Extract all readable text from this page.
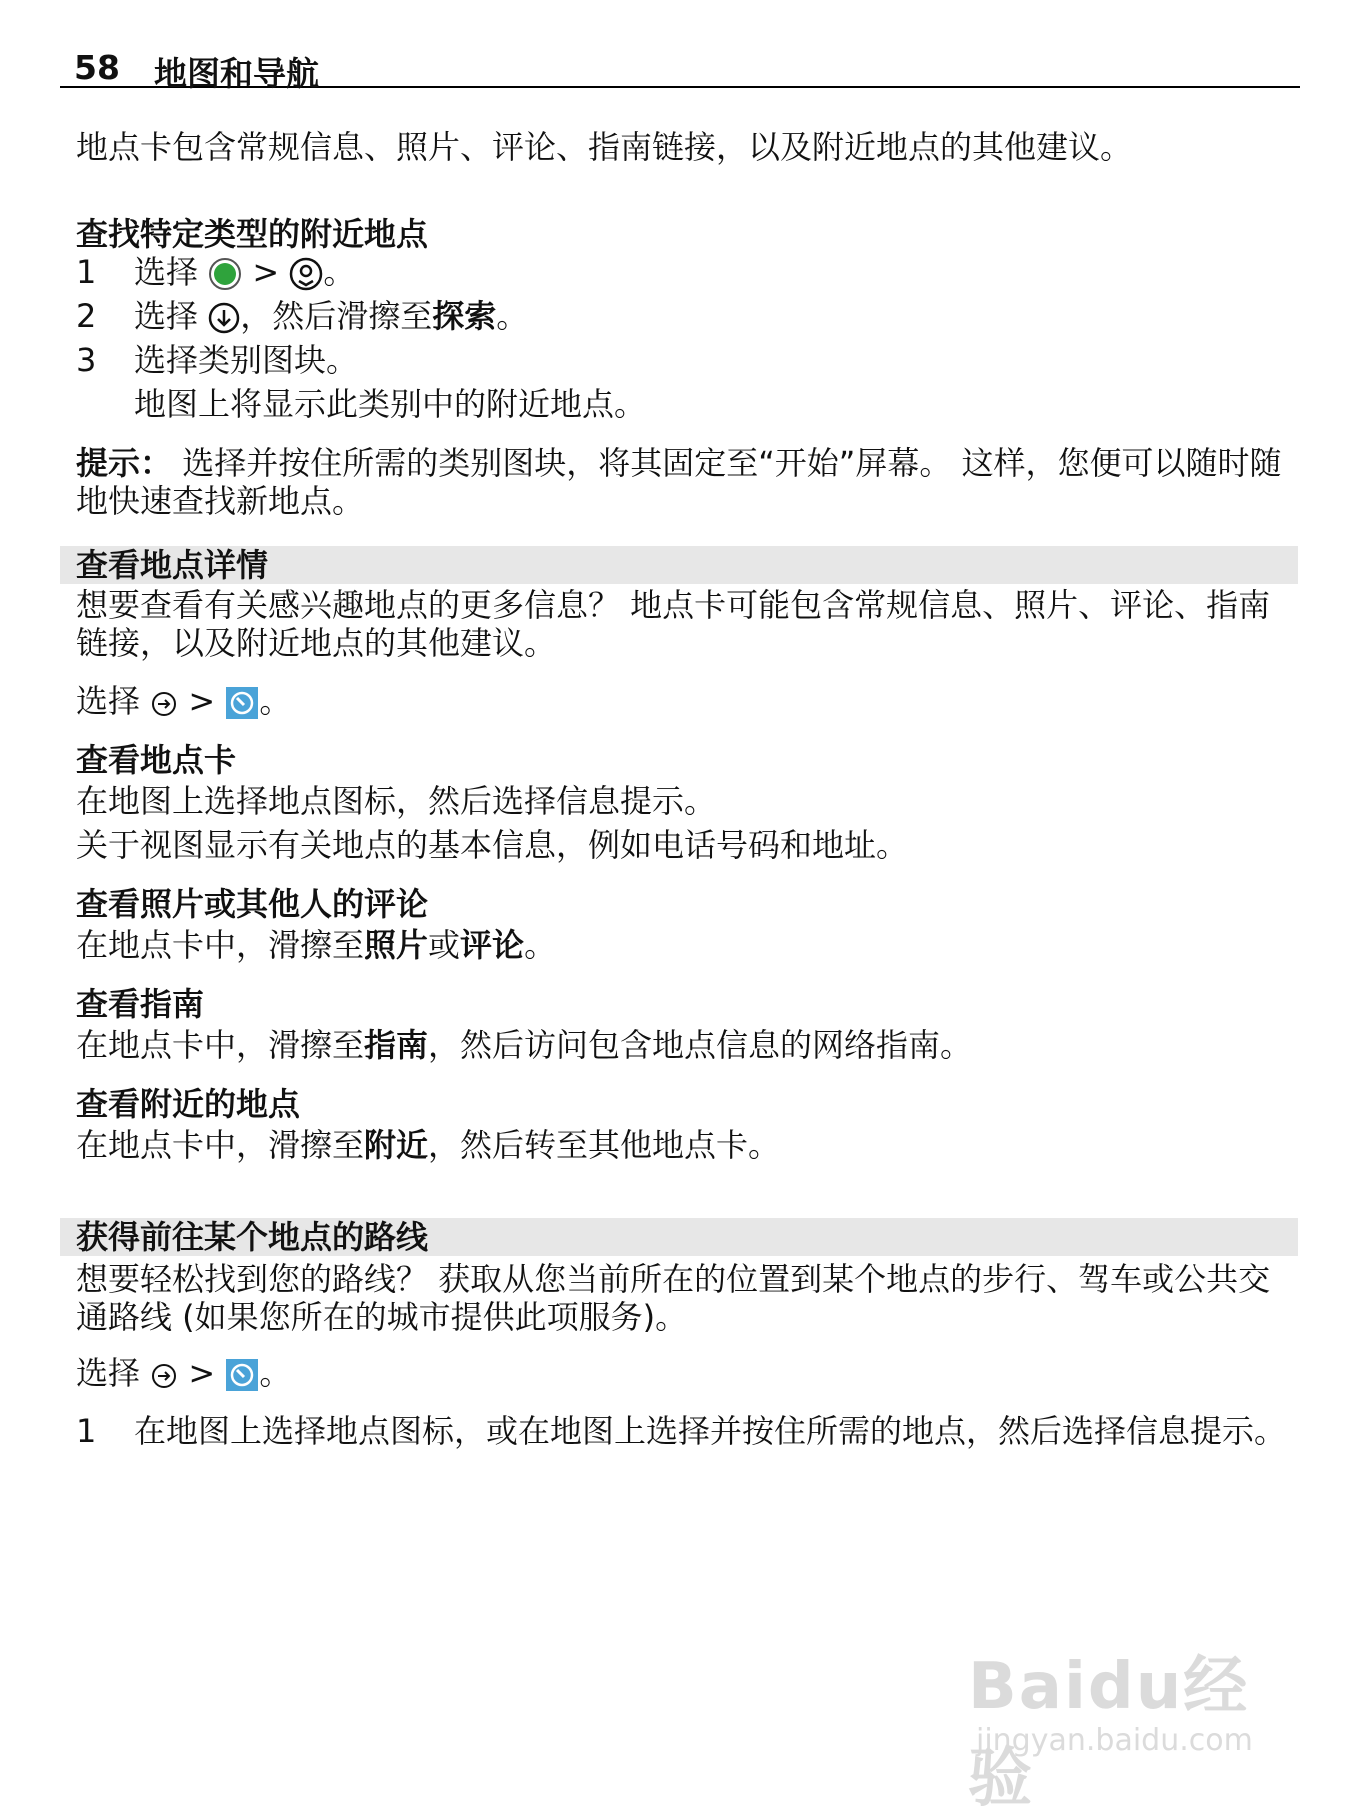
58 地图和导航
地点卡包含常规信息、照片、评论、指南链接，以及附近地点的其他建议。
查找特定类型的附近地点
1 选择 > 。
2 选择 ，然后滑擦至探索。
3 选择类别图块。
地图上将显示此类别中的附近地点。
提示： 选择并按住所需的类别图块，将其固定至“开始”屏幕。 这样，您便可以随时随地快速查找新地点。
查看地点详情
想要查看有关感兴趣地点的更多信息？ 地点卡可能包含常规信息、照片、评论、指南链接，以及附近地点的其他建议。
选择 > 。
查看地点卡
在地图上选择地点图标，然后选择信息提示。
关于视图显示有关地点的基本信息，例如电话号码和地址。
查看照片或其他人的评论
在地点卡中，滑擦至照片或评论。
查看指南
在地点卡中，滑擦至指南，然后访问包含地点信息的网络指南。
查看附近的地点
在地点卡中，滑擦至附近，然后转至其他地点卡。
获得前往某个地点的路线
想要轻松找到您的路线？ 获取从您当前所在的位置到某个地点的步行、驾车或公共交通路线 (如果您所在的城市提供此项服务)。
选择 > 。
1 在地图上选择地点图标，或在地图上选择并按住所需的地点，然后选择信息提示。
Baidu经验
jingyan.baidu.com
